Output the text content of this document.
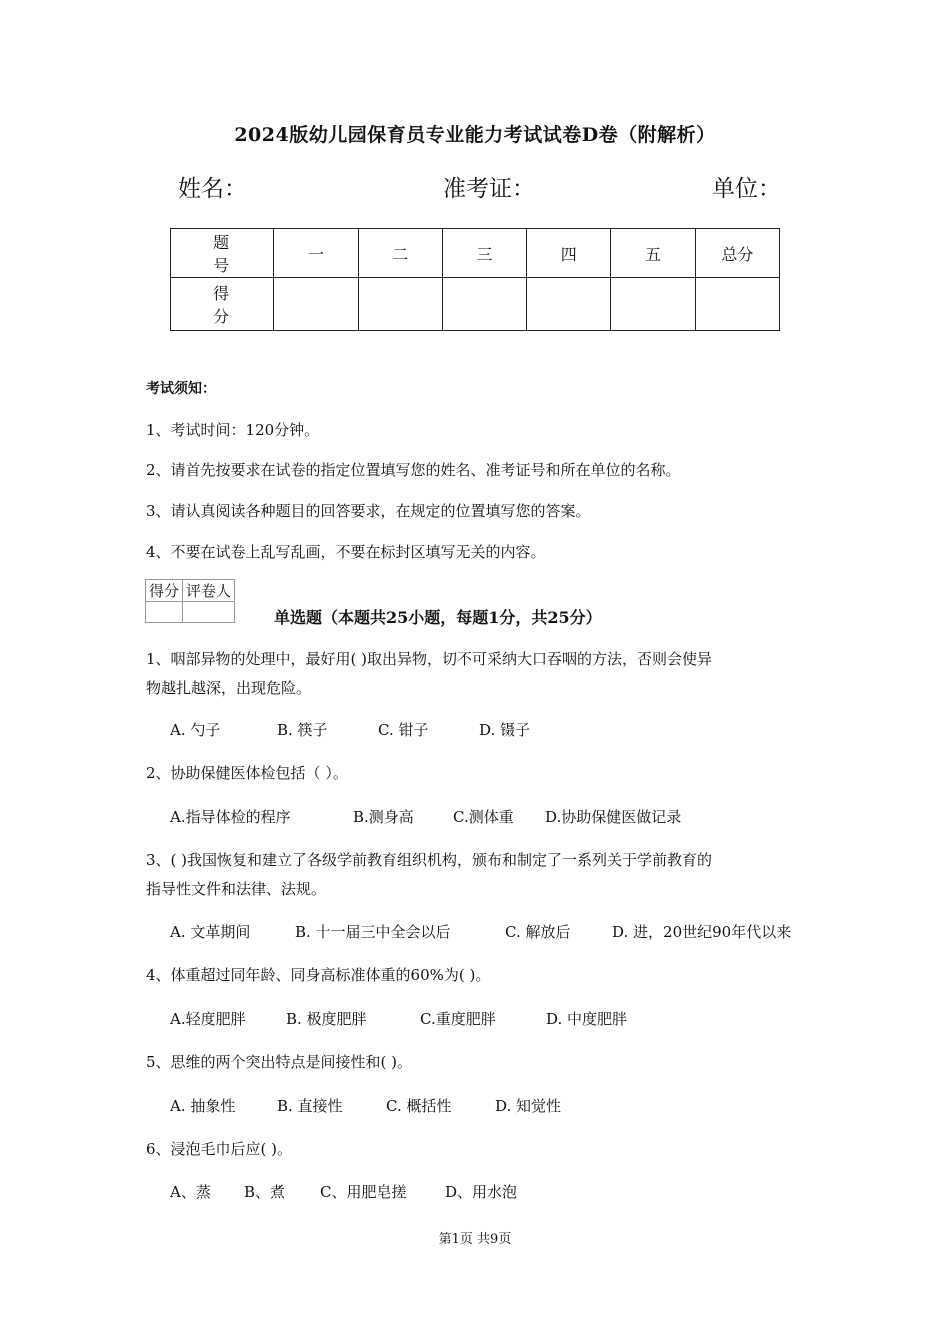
2024版幼儿园保育员专业能力考试试卷D卷（附解析）
姓名：	准考证：	单位：
题 号	一	二	三	四	五	总分
得 分						
考试须知：
1、考试时间：120分钟。
2、请首先按要求在试卷的指定位置填写您的姓名、准考证号和所在单位的名称。
3、请认真阅读各种题目的回答要求，在规定的位置填写您的答案。
4、不要在试卷上乱写乱画，不要在标封区填写无关的内容。
得分	评卷人

单选题（本题共25小题，每题1分，共25分）
1、咽部异物的处理中，最好用( )取出异物，切不可采纳大口吞咽的方法，否则会使异
物越扎越深，出现危险。
A. 勺子	B. 筷子	C. 钳子	D. 镊子
2、协助保健医体检包括（ ）。
A.指导体检的程序	B.测身高	C.测体重 D.协助保健医做记录
3、( )我国恢复和建立了各级学前教育组织机构，颁布和制定了一系列关于学前教育的
指导性文件和法律、法规。
A. 文革期间	B. 十一届三中全会以后	C. 解放后	D. 进，20世纪90年代以来
4、体重超过同年龄、同身高标准体重的60%为( )。
A.轻度肥胖	B. 极度肥胖	C.重度肥胖	D. 中度肥胖
5、思维的两个突出特点是间接性和( )。
A. 抽象性	B. 直接性	C. 概括性	D. 知觉性
6、浸泡毛巾后应( )。
A、蒸 B、煮 C、用肥皂搓	D、用水泡
第1页 共9页
